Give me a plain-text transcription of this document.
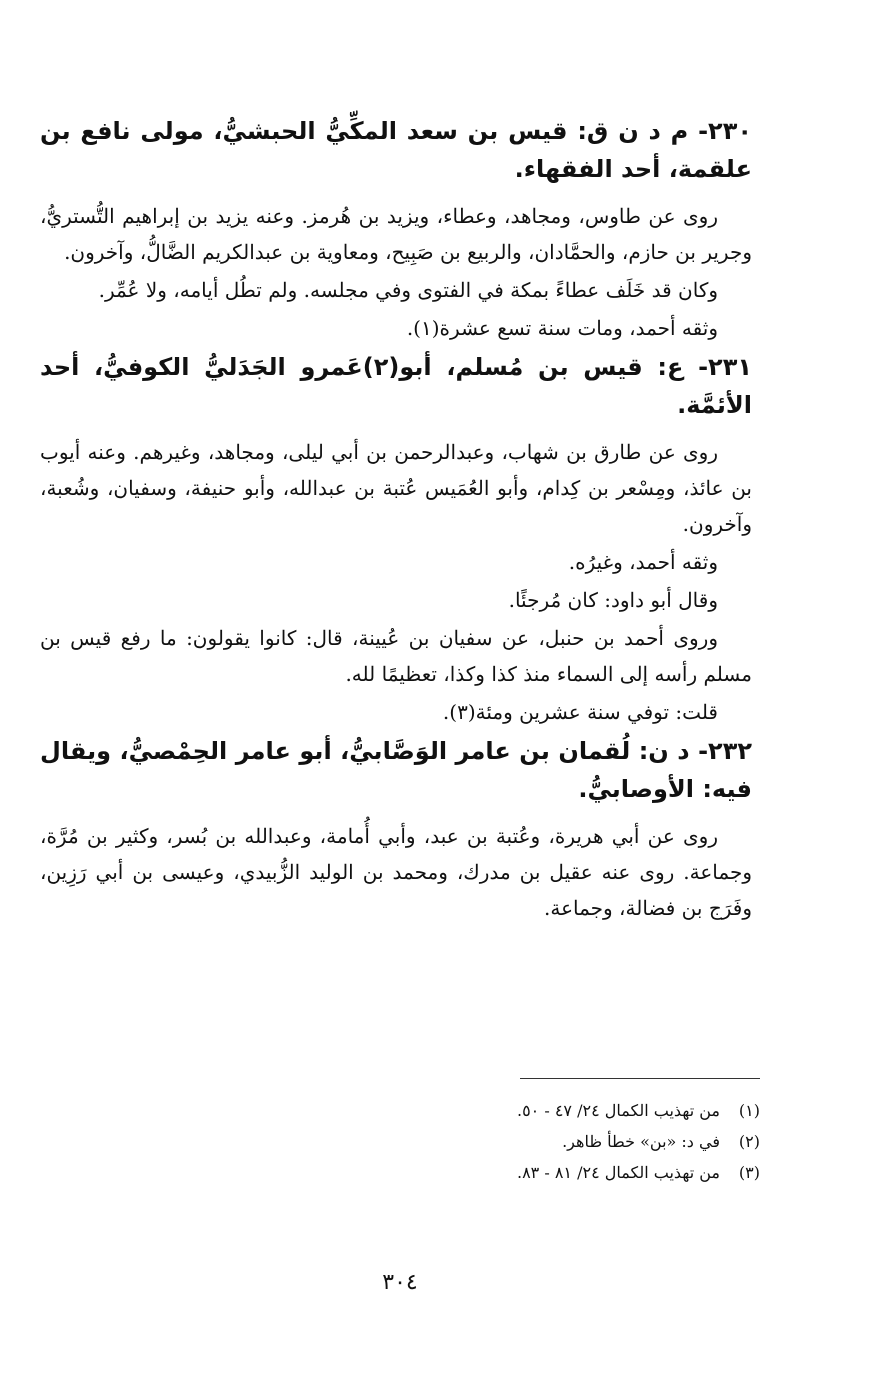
٢٣٠- م د ن ق: قيس بن سعد المكِّيُّ الحبشيُّ، مولى نافع بن علقمة، أحد الفقهاء.
روى عن طاوس، ومجاهد، وعطاء، ويزيد بن هُرمز. وعنه يزيد بن إبراهيم التُّستريُّ، وجرير بن حازم، والحمَّادان، والربيع بن صَبِيح، ومعاوية بن عبدالكريم الضَّالُّ، وآخرون.
وكان قد خَلَف عطاءً بمكة في الفتوى وفي مجلسه. ولم تطُل أيامه، ولا عُمِّر.
وثقه أحمد، ومات سنة تسع عشرة(١).
٢٣١- ع: قيس بن مُسلم، أبو(٢)عَمرو الجَدَليُّ الكوفيُّ، أحد الأئمَّة.
روى عن طارق بن شهاب، وعبدالرحمن بن أبي ليلى، ومجاهد، وغيرهم. وعنه أيوب بن عائذ، ومِسْعر بن كِدام، وأبو العُمَيس عُتبة بن عبدالله، وأبو حنيفة، وسفيان، وشُعبة، وآخرون.
وثقه أحمد، وغيرُه.
وقال أبو داود: كان مُرجئًا.
وروى أحمد بن حنبل، عن سفيان بن عُيينة، قال: كانوا يقولون: ما رفع قيس بن مسلم رأسه إلى السماء منذ كذا وكذا، تعظيمًا لله.
قلت: توفي سنة عشرين ومئة(٣).
٢٣٢- د ن: لُقمان بن عامر الوَصَّابيُّ، أبو عامر الحِمْصيُّ، ويقال فيه: الأوصابيُّ.
روى عن أبي هريرة، وعُتبة بن عبد، وأبي أُمامة، وعبدالله بن بُسر، وكثير بن مُرَّة، وجماعة. روى عنه عقيل بن مدرك، ومحمد بن الوليد الزُّبيدي، وعيسى بن أبي رَزِين، وفَرَج بن فضالة، وجماعة.
(١)من تهذيب الكمال ٢٤/ ٤٧ - ٥٠.
(٢)في د: «بن» خطأ ظاهر.
(٣)من تهذيب الكمال ٢٤/ ٨١ - ٨٣.
٣٠٤
